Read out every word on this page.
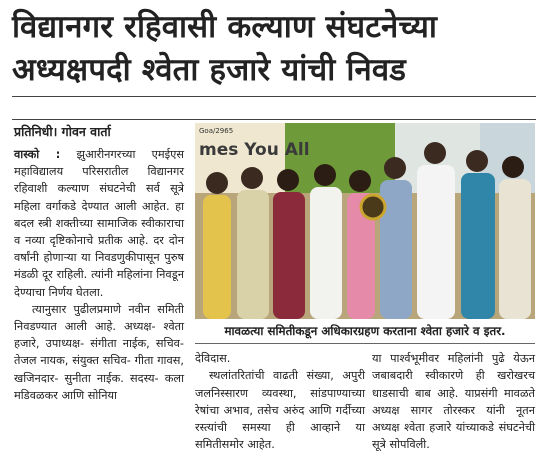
विद्यानगर रहिवासी कल्याण संघटनेच्या
अध्यक्षपदी श्वेता हजारे यांची निवड
प्रतिनिधी। गोवन वार्ता

वास्को : झुआरीनगरच्या एमईएस महाविद्यालय परिसरातील विद्यानगर रहिवाशी कल्याण संघटनेची सर्व सूत्रे महिला वर्गाकडे देण्यात आली आहेत. हा बदल स्त्री शक्तीच्या सामाजिक स्वीकाराचा व नव्या दृष्टिकोनाचे प्रतीक आहे. दर दोन वर्षांनी होणाऱ्या या निवडणुकीपासून पुरुष मंडळी दूर राहिली. त्यांनी महिलांना निवडून देण्याचा निर्णय घेतला.

त्यानुसार पुढीलप्रमाणे नवीन समिती निवडण्यात आली आहे. अध्यक्ष- श्वेता हजारे, उपाध्यक्ष- संगीता नाईक, सचिव- तेजल नायक, संयुक्त सचिव- गीता गावस, खजिनदार- सुनीता नाईक. सदस्य- कला मडिवळकर आणि सोनिया

Goa/2965
mes You All
मावळत्या समितीकडून अधिकारग्रहण करताना श्वेता हजारे व इतर.

देविदास.

स्थलांतरितांची वाढती संख्या, अपुरी जलनिस्सारण व्यवस्था, सांडपाण्याच्या रेषांचा अभाव, तसेच अरुंद आणि गर्दीच्या रस्त्यांची समस्या ही आव्हाने या समितीसमोर आहेत.

या पार्श्वभूमीवर महिलांनी पुढे येऊन जबाबदारी स्वीकारणे ही खरोखरच धाडसाची बाब आहे. याप्रसंगी मावळते अध्यक्ष सागर तोरस्कर यांनी नूतन अध्यक्ष श्वेता हजारे यांच्याकडे संघटनेची सूत्रे सोपविली.
